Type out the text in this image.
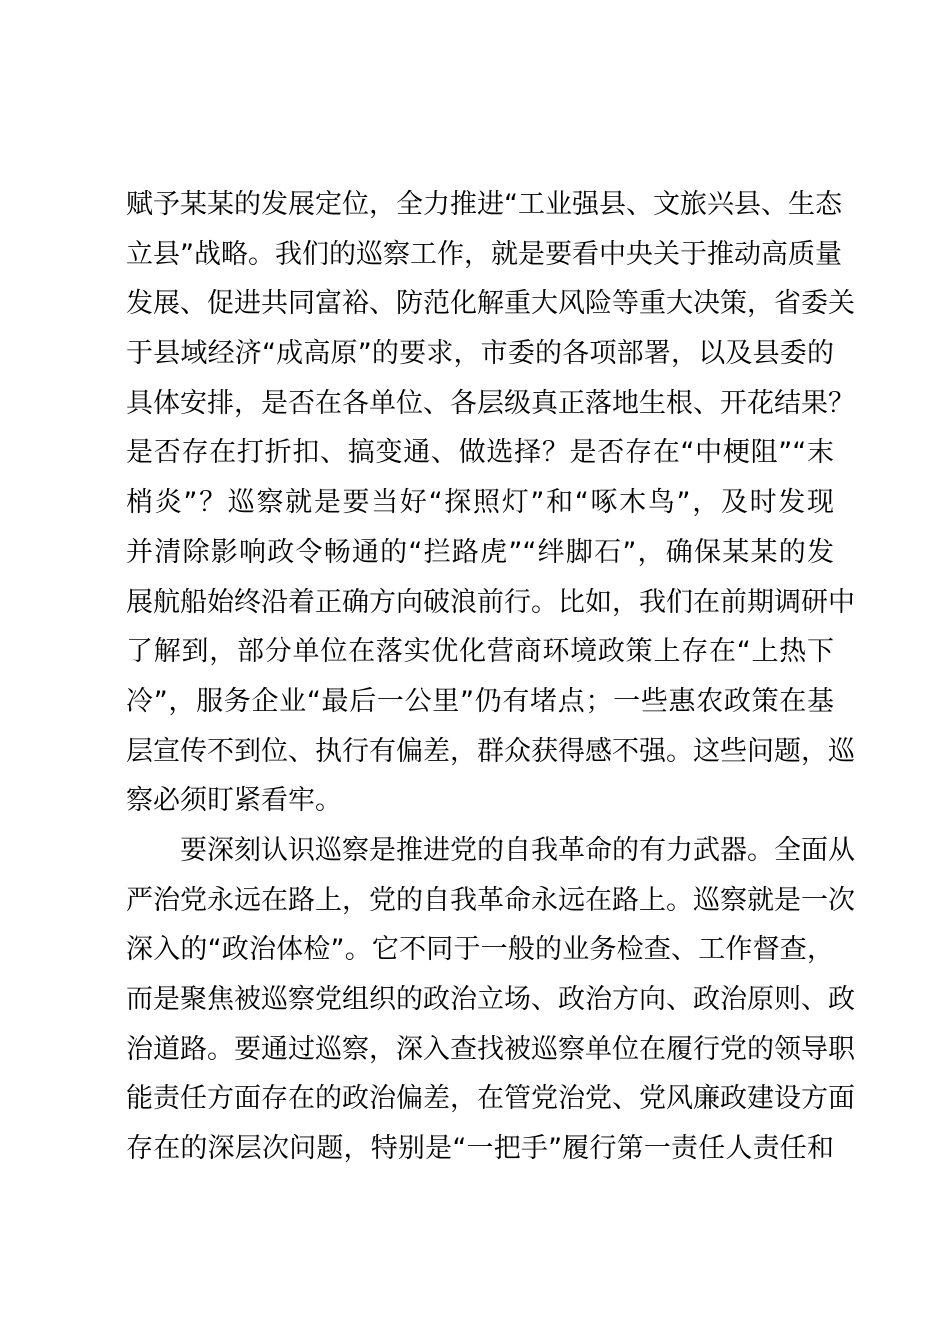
赋予某某的发展定位，全力推进“工业强县、文旅兴县、生态
立县”战略。我们的巡察工作，就是要看中央关于推动高质量
发展、促进共同富裕、防范化解重大风险等重大决策，省委关
于县域经济“成高原”的要求，市委的各项部署，以及县委的
具体安排，是否在各单位、各层级真正落地生根、开花结果？
是否存在打折扣、搞变通、做选择？是否存在“中梗阻”“末
梢炎”？巡察就是要当好“探照灯”和“啄木鸟”，及时发现
并清除影响政令畅通的“拦路虎”“绊脚石”，确保某某的发
展航船始终沿着正确方向破浪前行。比如，我们在前期调研中
了解到，部分单位在落实优化营商环境政策上存在“上热下
冷”，服务企业“最后一公里”仍有堵点；一些惠农政策在基
层宣传不到位、执行有偏差，群众获得感不强。这些问题，巡
察必须盯紧看牢。
要深刻认识巡察是推进党的自我革命的有力武器。全面从
严治党永远在路上，党的自我革命永远在路上。巡察就是一次
深入的“政治体检”。它不同于一般的业务检查、工作督查，
而是聚焦被巡察党组织的政治立场、政治方向、政治原则、政
治道路。要通过巡察，深入查找被巡察单位在履行党的领导职
能责任方面存在的政治偏差，在管党治党、党风廉政建设方面
存在的深层次问题，特别是“一把手”履行第一责任人责任和
